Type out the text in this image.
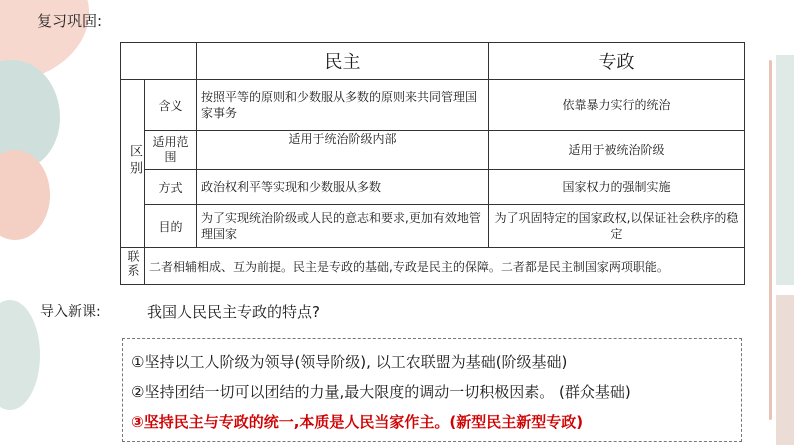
复习巩固:
		民主	专政
区别	含义	按照平等的原则和少数服从多数的原则来共同管理国家事务	依靠暴力实行的统治
	适用范围	适用于统治阶级内部	适用于被统治阶级
	方式	政治权利平等实现和少数服从多数	国家权力的强制实施
	目的	为了实现统治阶级或人民的意志和要求,更加有效地管理国家	为了巩固特定的国家政权,以保证社会秩序的稳定
联系	二者相辅相成、互为前提。民主是专政的基础,专政是民主的保障。二者都是民主制国家两项职能。		
导入新课:	我国人民民主专政的特点?
①坚持以工人阶级为领导(领导阶级), 以工农联盟为基础(阶级基础)
②坚持团结一切可以团结的力量,最大限度的调动一切积极因素。 (群众基础)
③坚持民主与专政的统一,本质是人民当家作主。(新型民主新型专政)
